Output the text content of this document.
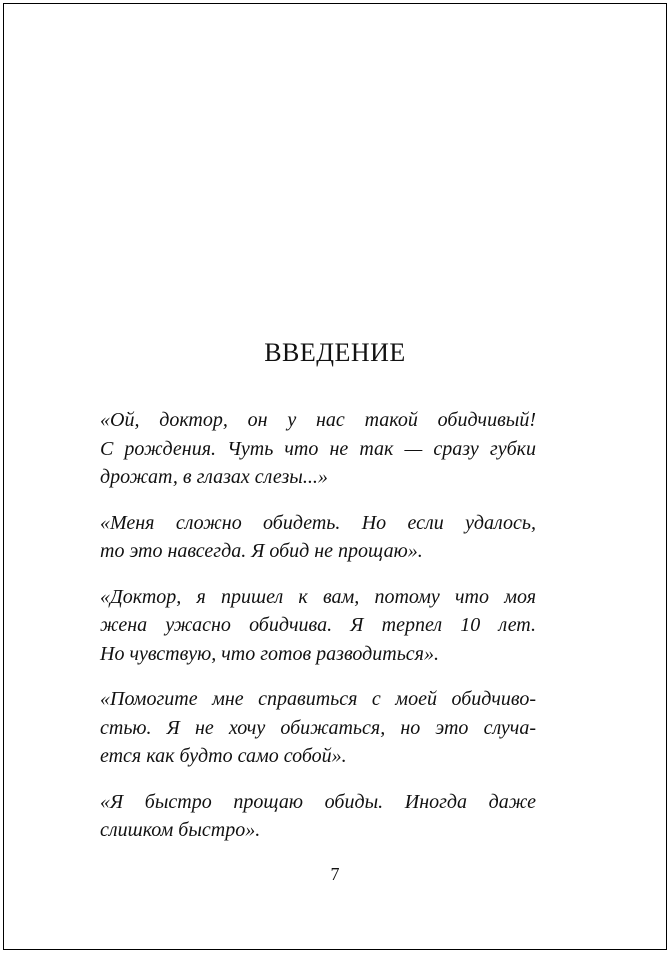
ВВЕДЕНИЕ
«Ой, доктор, он у нас такой обидчивый!
С рождения. Чуть что не так — сразу губки
дрожат, в глазах слезы...»
«Меня сложно обидеть. Но если удалось,
то это навсегда. Я обид не прощаю».
«Доктор, я пришел к вам, потому что моя
жена ужасно обидчива. Я терпел 10 лет.
Но чувствую, что готов разводиться».
«Помогите мне справиться с моей обидчиво-
стью. Я не хочу обижаться, но это случа-
ется как будто само собой».
«Я быстро прощаю обиды. Иногда даже
слишком быстро».
7
